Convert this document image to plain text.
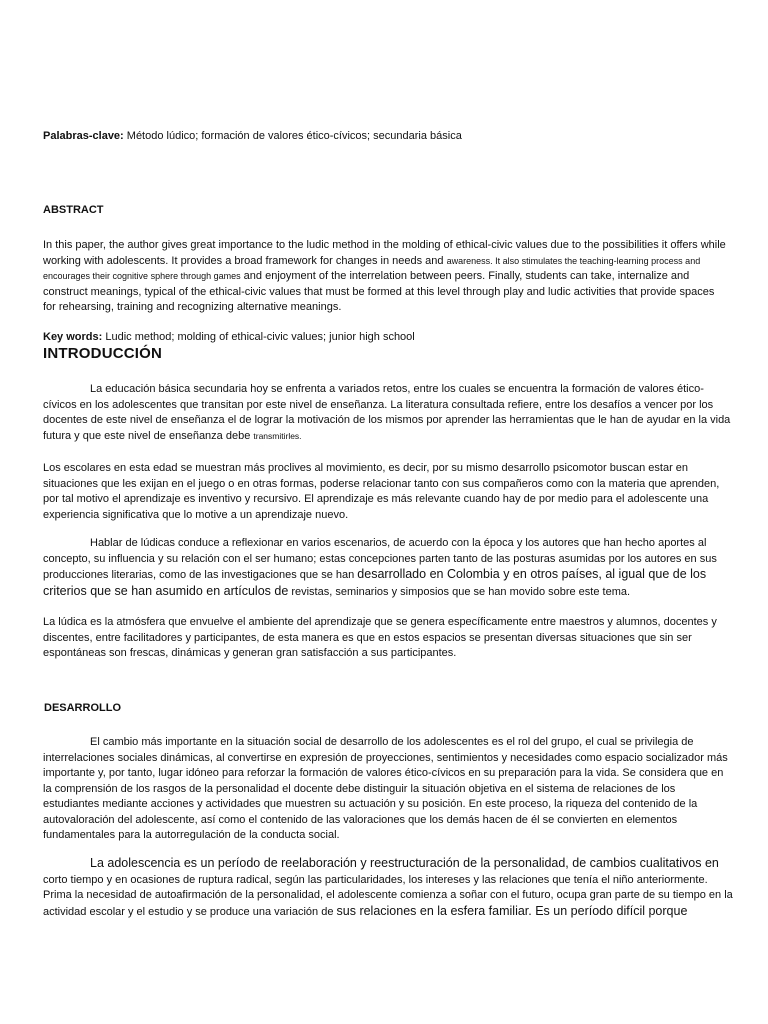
Palabras-clave: Método lúdico; formación de valores ético-cívicos; secundaria básica
ABSTRACT
In this paper, the author gives great importance to the ludic method in the molding of ethical-civic values due to the possibilities it offers while working with adolescents. It provides a broad framework for changes in needs and awareness. It also stimulates the teaching-learning process and encourages their cognitive sphere through games and enjoyment of the interrelation between peers. Finally, students can take, internalize and construct meanings, typical of the ethical-civic values that must be formed at this level through play and ludic activities that provide spaces for rehearsing, training and recognizing alternative meanings.
Key words: Ludic method; molding of ethical-civic values; junior high school
INTRODUCCIÓN
La educación básica secundaria hoy se enfrenta a variados retos, entre los cuales se encuentra la formación de valores ético-cívicos en los adolescentes que transitan por este nivel de enseñanza. La literatura consultada refiere, entre los desafíos a vencer por los docentes de este nivel de enseñanza el de lograr la motivación de los mismos por aprender las herramientas que le han de ayudar en la vida futura y que este nivel de enseñanza debe transmitirles.
Los escolares en esta edad se muestran más proclives al movimiento, es decir, por su mismo desarrollo psicomotor buscan estar en situaciones que les exijan en el juego o en otras formas, poderse relacionar tanto con sus compañeros como con la materia que aprenden, por tal motivo el aprendizaje es inventivo y recursivo. El aprendizaje es más relevante cuando hay de por medio para el adolescente una experiencia significativa que lo motive a un aprendizaje nuevo.
Hablar de lúdicas conduce a reflexionar en varios escenarios, de acuerdo con la época y los autores que han hecho aportes al concepto, su influencia y su relación con el ser humano; estas concepciones parten tanto de las posturas asumidas por los autores en sus producciones literarias, como de las investigaciones que se han desarrollado en Colombia y en otros países, al igual que de los criterios que se han asumido en artículos de revistas, seminarios y simposios que se han movido sobre este tema.
La lúdica es la atmósfera que envuelve el ambiente del aprendizaje que se genera específicamente entre maestros y alumnos, docentes y discentes, entre facilitadores y participantes, de esta manera es que en estos espacios se presentan diversas situaciones que sin ser espontáneas son frescas, dinámicas y generan gran satisfacción a sus participantes.
DESARROLLO
El cambio más importante en la situación social de desarrollo de los adolescentes es el rol del grupo, el cual se privilegia de interrelaciones sociales dinámicas, al convertirse en expresión de proyecciones, sentimientos y necesidades como espacio socializador más importante y, por tanto, lugar idóneo para reforzar la formación de valores ético-cívicos en su preparación para la vida. Se considera que en la comprensión de los rasgos de la personalidad el docente debe distinguir la situación objetiva en el sistema de relaciones de los estudiantes mediante acciones y actividades que muestren su actuación y su posición. En este proceso, la riqueza del contenido de la autovaloración del adolescente, así como el contenido de las valoraciones que los demás hacen de él se convierten en elementos fundamentales para la autorregulación de la conducta social.
La adolescencia es un período de reelaboración y reestructuración de la personalidad, de cambios cualitativos en corto tiempo y en ocasiones de ruptura radical, según las particularidades, los intereses y las relaciones que tenía el niño anteriormente. Prima la necesidad de autoafirmación de la personalidad, el adolescente comienza a soñar con el futuro, ocupa gran parte de su tiempo en la actividad escolar y el estudio y se produce una variación de sus relaciones en la esfera familiar. Es un período difícil porque
